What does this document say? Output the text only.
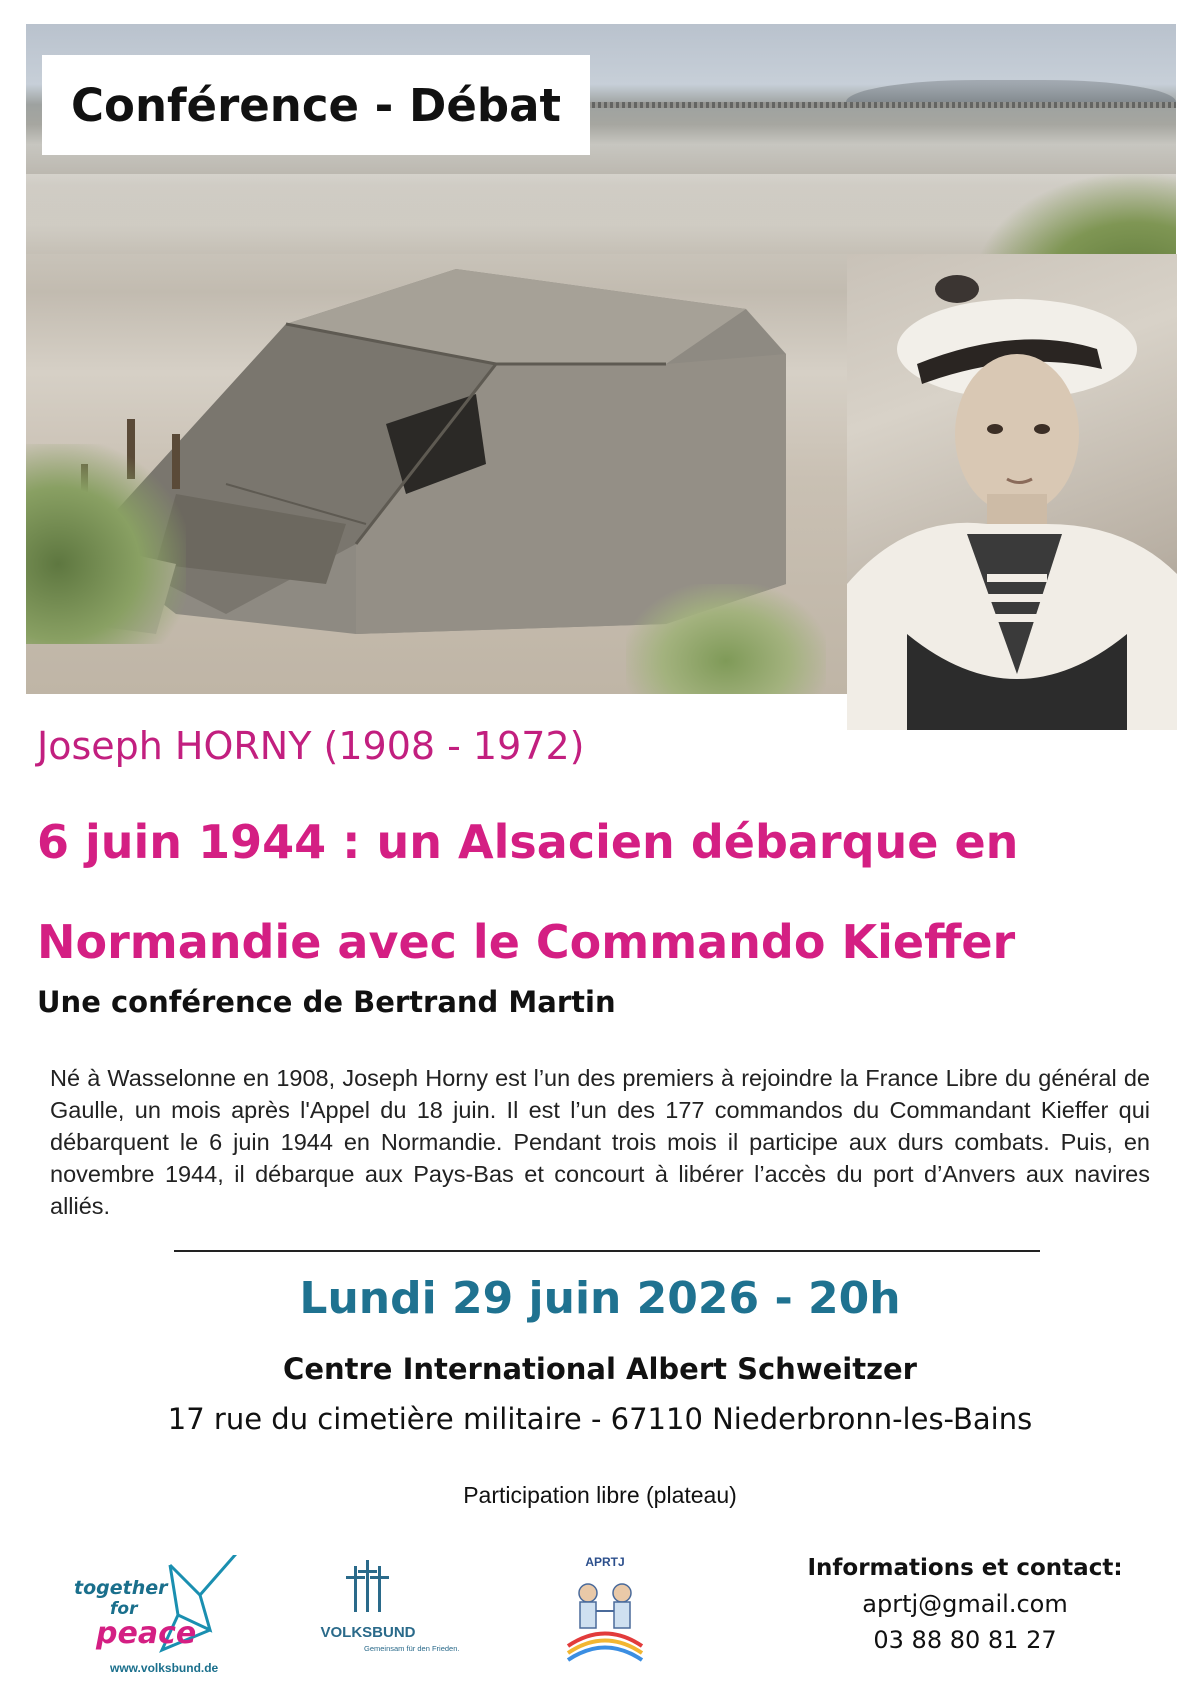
Conférence - Débat
Joseph HORNY (1908 - 1972)
6 juin 1944 : un Alsacien débarque en
Normandie avec le Commando Kieffer
Une conférence de Bertrand Martin

Né à Wasselonne en 1908, Joseph Horny est l’un des premiers à rejoindre la France Libre du général de Gaulle, un mois après l'Appel du 18 juin. Il est l’un des 177 commandos du Commandant Kieffer qui débarquent le 6 juin 1944 en Normandie. Pendant trois mois il participe aux durs combats. Puis, en novembre 1944, il débarque aux Pays-Bas et concourt à libérer l’accès du port d’Anvers aux navires alliés.

Lundi 29 juin 2026 - 20h
Centre International Albert Schweitzer
17 rue du cimetière militaire - 67110 Niederbronn-les-Bains
Participation libre (plateau)
together
for
peace
www.volksbund.de
VOLKSBUND
Gemeinsam für den Frieden.
APRTJ	Informations et contact:
aprtj@gmail.com
03 88 80 81 27
